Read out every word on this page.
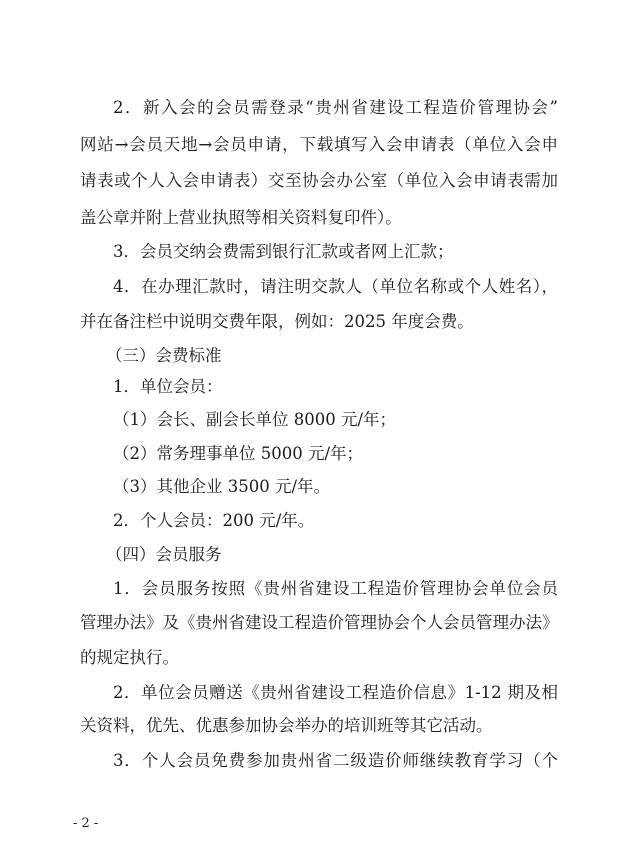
2．新入会的会员需登录“贵州省建设工程造价管理协会”
网站→会员天地→会员申请，下载填写入会申请表（单位入会申
请表或个人入会申请表）交至协会办公室（单位入会申请表需加
盖公章并附上营业执照等相关资料复印件）。
3．会员交纳会费需到银行汇款或者网上汇款；
4．在办理汇款时，请注明交款人（单位名称或个人姓名），
并在备注栏中说明交费年限，例如：2025 年度会费。
（三）会费标准
1．单位会员：
（1）会长、副会长单位 8000 元/年；
（2）常务理事单位 5000 元/年；
（3）其他企业 3500 元/年。
2．个人会员：200 元/年。
（四）会员服务
1．会员服务按照《贵州省建设工程造价管理协会单位会员
管理办法》及《贵州省建设工程造价管理协会个人会员管理办法》
的规定执行。
2．单位会员赠送《贵州省建设工程造价信息》1-12 期及相
关资料，优先、优惠参加协会举办的培训班等其它活动。
3．个人会员免费参加贵州省二级造价师继续教育学习（个
- 2 -
